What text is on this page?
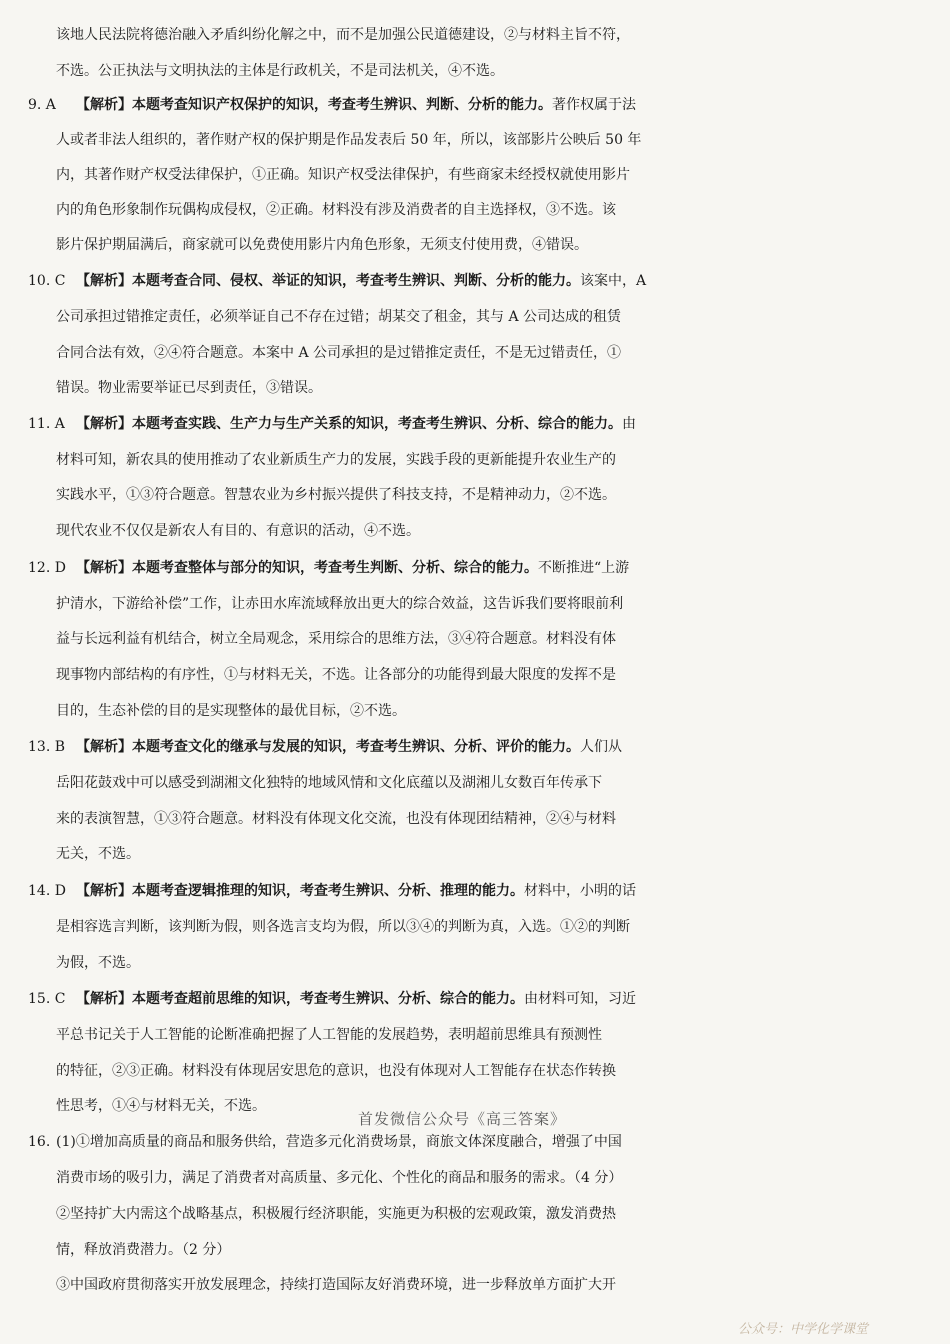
该地人民法院将德治融入矛盾纠纷化解之中，而不是加强公民道德建设，②与材料主旨不符，
不选。公正执法与文明执法的主体是行政机关，不是司法机关，④不选。
9. A 【解析】本题考查知识产权保护的知识，考查考生辨识、判断、分析的能力。著作权属于法
人或者非法人组织的，著作财产权的保护期是作品发表后 50 年，所以，该部影片公映后 50 年
内，其著作财产权受法律保护，①正确。知识产权受法律保护，有些商家未经授权就使用影片
内的角色形象制作玩偶构成侵权，②正确。材料没有涉及消费者的自主选择权，③不选。该
影片保护期届满后，商家就可以免费使用影片内角色形象，无须支付使用费，④错误。
10. C 【解析】本题考查合同、侵权、举证的知识，考查考生辨识、判断、分析的能力。该案中，A
公司承担过错推定责任，必须举证自己不存在过错；胡某交了租金，其与 A 公司达成的租赁
合同合法有效，②④符合题意。本案中 A 公司承担的是过错推定责任，不是无过错责任，①
错误。物业需要举证已尽到责任，③错误。
11. A 【解析】本题考查实践、生产力与生产关系的知识，考查考生辨识、分析、综合的能力。由
材料可知，新农具的使用推动了农业新质生产力的发展，实践手段的更新能提升农业生产的
实践水平，①③符合题意。智慧农业为乡村振兴提供了科技支持，不是精神动力，②不选。
现代农业不仅仅是新农人有目的、有意识的活动，④不选。
12. D 【解析】本题考查整体与部分的知识，考查考生判断、分析、综合的能力。不断推进“上游
护清水，下游给补偿”工作，让赤田水库流域释放出更大的综合效益，这告诉我们要将眼前利
益与长远利益有机结合，树立全局观念，采用综合的思维方法，③④符合题意。材料没有体
现事物内部结构的有序性，①与材料无关，不选。让各部分的功能得到最大限度的发挥不是
目的，生态补偿的目的是实现整体的最优目标，②不选。
13. B 【解析】本题考查文化的继承与发展的知识，考查考生辨识、分析、评价的能力。人们从
岳阳花鼓戏中可以感受到湖湘文化独特的地域风情和文化底蕴以及湖湘儿女数百年传承下
来的表演智慧，①③符合题意。材料没有体现文化交流，也没有体现团结精神，②④与材料
无关，不选。
14. D 【解析】本题考查逻辑推理的知识，考查考生辨识、分析、推理的能力。材料中，小明的话
是相容选言判断，该判断为假，则各选言支均为假，所以③④的判断为真，入选。①②的判断
为假，不选。
15. C 【解析】本题考查超前思维的知识，考查考生辨识、分析、综合的能力。由材料可知，习近
平总书记关于人工智能的论断准确把握了人工智能的发展趋势，表明超前思维具有预测性
的特征，②③正确。材料没有体现居安思危的意识，也没有体现对人工智能存在状态作转换
性思考，①④与材料无关，不选。
首发微信公众号《高三答案》
16. (1)①增加高质量的商品和服务供给，营造多元化消费场景，商旅文体深度融合，增强了中国
消费市场的吸引力，满足了消费者对高质量、多元化、个性化的商品和服务的需求。（4 分）
②坚持扩大内需这个战略基点，积极履行经济职能，实施更为积极的宏观政策，激发消费热
情，释放消费潜力。（2 分）
③中国政府贯彻落实开放发展理念，持续打造国际友好消费环境，进一步释放单方面扩大开
公众号：中学化学课堂
